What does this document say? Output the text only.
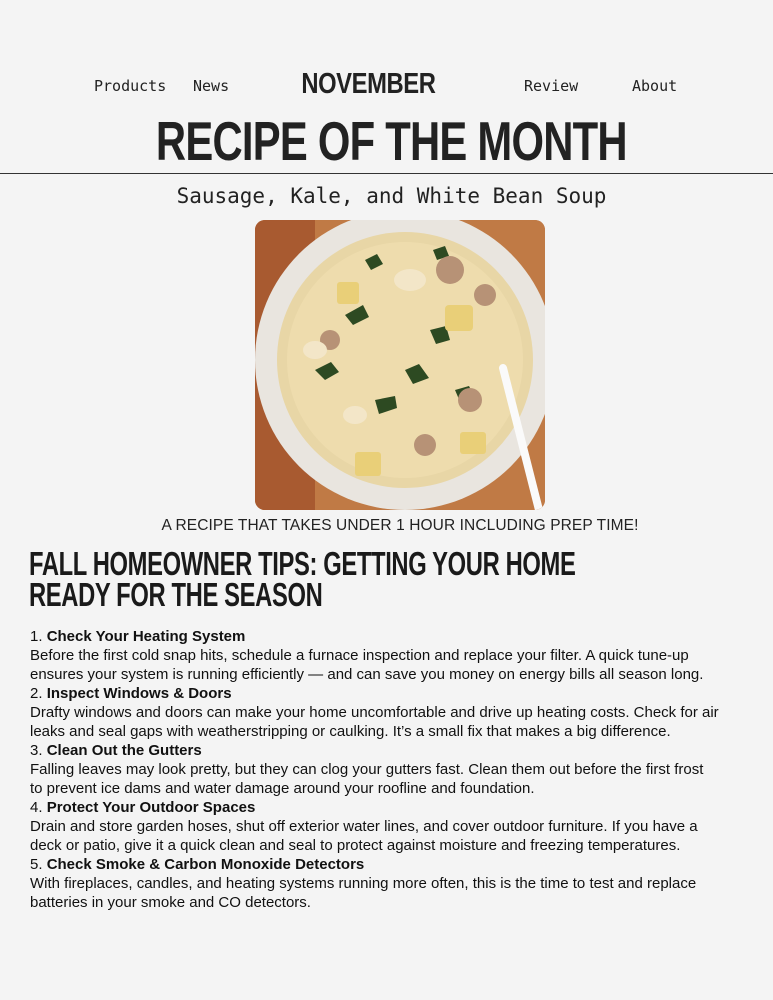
Products News	NOVEMBER	Review	About
RECIPE OF THE MONTH
Sausage, Kale, and White Bean Soup
A RECIPE THAT TAKES UNDER 1 HOUR INCLUDING PREP TIME!
FALL HOMEOWNER TIPS: GETTING YOUR HOME READY FOR THE SEASON
1. Check Your Heating System

Before the first cold snap hits, schedule a furnace inspection and replace your filter. A quick tune-up ensures your system is running efficiently — and can save you money on energy bills all season long.

2. Inspect Windows & Doors

Drafty windows and doors can make your home uncomfortable and drive up heating costs. Check for air leaks and seal gaps with weatherstripping or caulking. It’s a small fix that makes a big difference.

3. Clean Out the Gutters

Falling leaves may look pretty, but they can clog your gutters fast. Clean them out before the first frost to prevent ice dams and water damage around your roofline and foundation.

4. Protect Your Outdoor Spaces

Drain and store garden hoses, shut off exterior water lines, and cover outdoor furniture. If you have a deck or patio, give it a quick clean and seal to protect against moisture and freezing temperatures.

5. Check Smoke & Carbon Monoxide Detectors

With fireplaces, candles, and heating systems running more often, this is the time to test and replace batteries in your smoke and CO detectors.
